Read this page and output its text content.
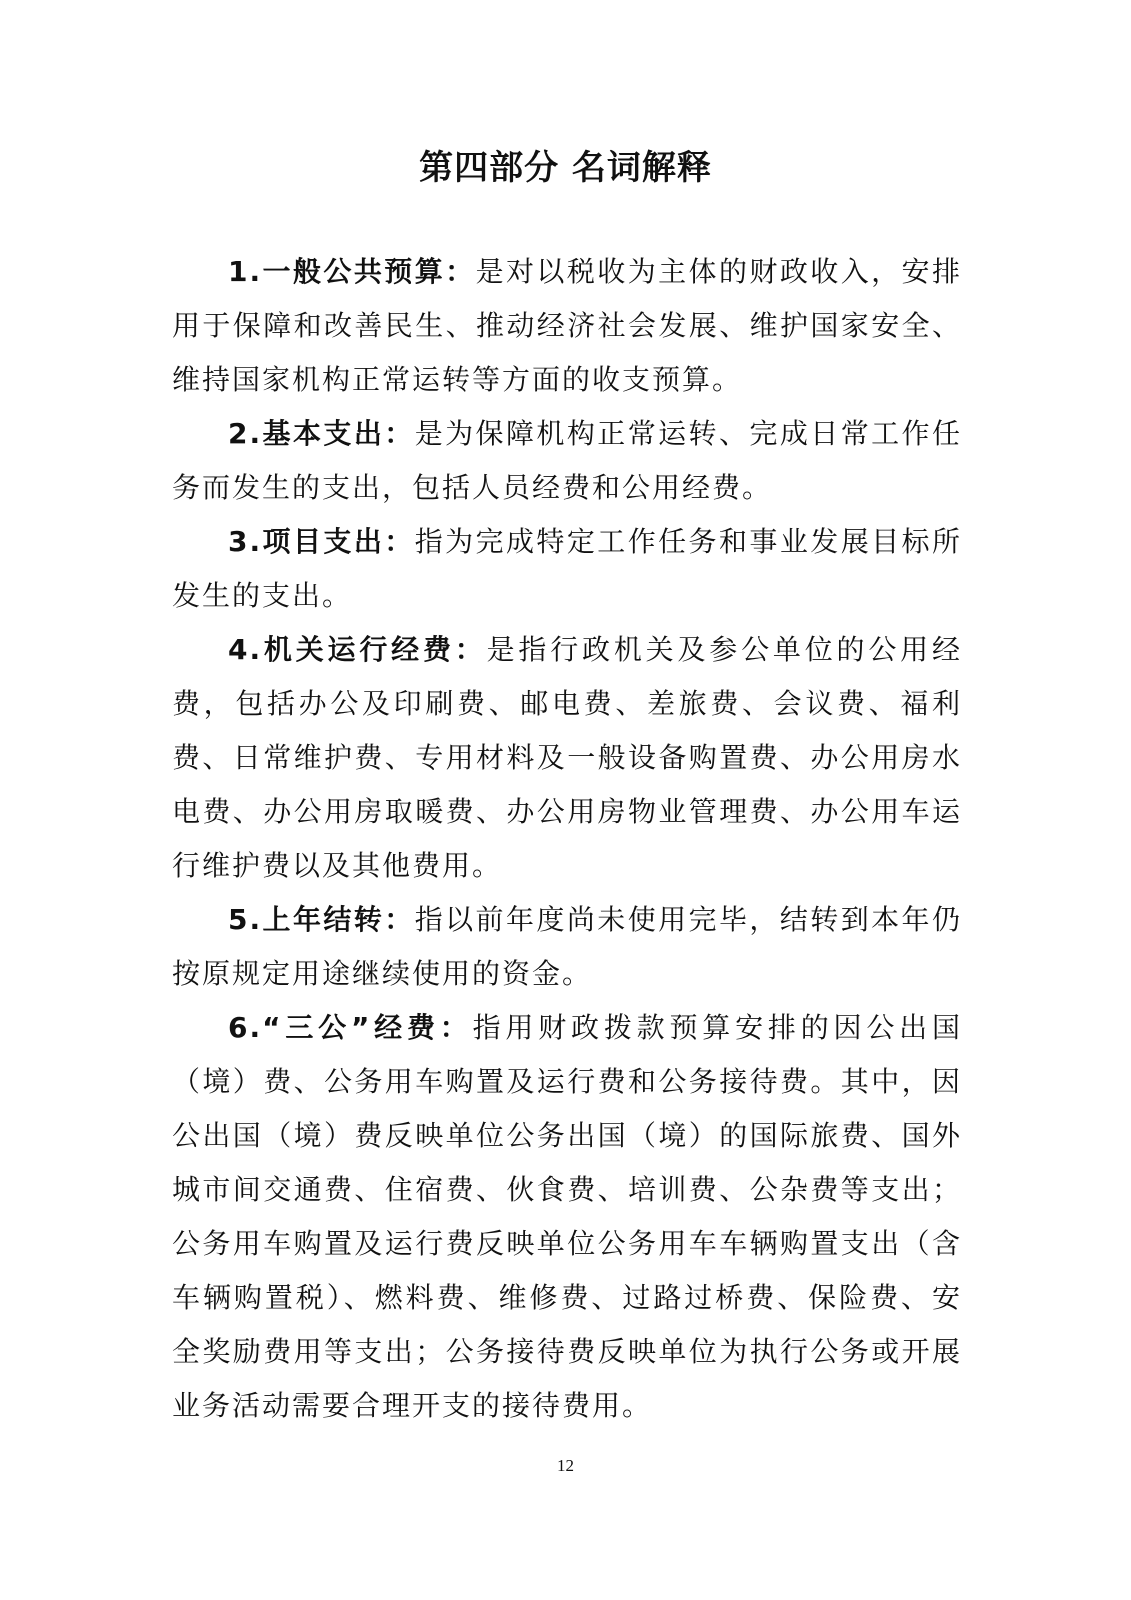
第四部分 名词解释

1.一般公共预算：是对以税收为主体的财政收入，安排用于保障和改善民生、推动经济社会发展、维护国家安全、维持国家机构正常运转等方面的收支预算。

2.基本支出：是为保障机构正常运转、完成日常工作任务而发生的支出，包括人员经费和公用经费。

3.项目支出：指为完成特定工作任务和事业发展目标所发生的支出。

4.机关运行经费：是指行政机关及参公单位的公用经费，包括办公及印刷费、邮电费、差旅费、会议费、福利费、日常维护费、专用材料及一般设备购置费、办公用房水电费、办公用房取暖费、办公用房物业管理费、办公用车运行维护费以及其他费用。

5.上年结转：指以前年度尚未使用完毕，结转到本年仍按原规定用途继续使用的资金。

6.“三公”经费：指用财政拨款预算安排的因公出国（境）费、公务用车购置及运行费和公务接待费。其中，因公出国（境）费反映单位公务出国（境）的国际旅费、国外城市间交通费、住宿费、伙食费、培训费、公杂费等支出；公务用车购置及运行费反映单位公务用车车辆购置支出（含车辆购置税）、燃料费、维修费、过路过桥费、保险费、安全奖励费用等支出；公务接待费反映单位为执行公务或开展业务活动需要合理开支的接待费用。

12
